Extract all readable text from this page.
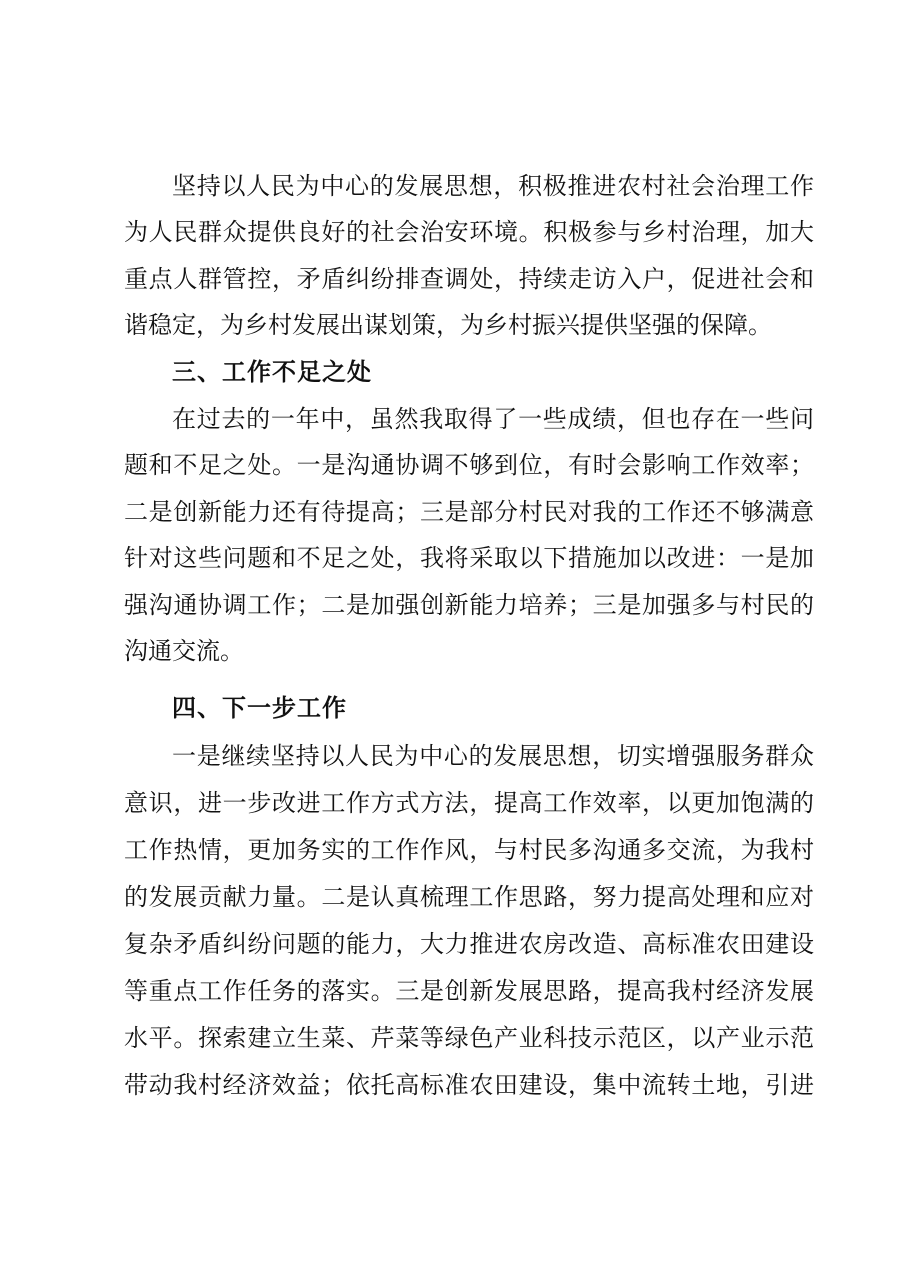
坚持以人民为中心的发展思想，积极推进农村社会治理工作
为人民群众提供良好的社会治安环境。积极参与乡村治理，加大
重点人群管控，矛盾纠纷排查调处，持续走访入户，促进社会和
谐稳定，为乡村发展出谋划策，为乡村振兴提供坚强的保障。
三、工作不足之处
在过去的一年中，虽然我取得了一些成绩，但也存在一些问
题和不足之处。一是沟通协调不够到位，有时会影响工作效率；
二是创新能力还有待提高；三是部分村民对我的工作还不够满意
针对这些问题和不足之处，我将采取以下措施加以改进：一是加
强沟通协调工作；二是加强创新能力培养；三是加强多与村民的
沟通交流。
四、下一步工作
一是继续坚持以人民为中心的发展思想，切实增强服务群众
意识，进一步改进工作方式方法，提高工作效率，以更加饱满的
工作热情，更加务实的工作作风，与村民多沟通多交流，为我村
的发展贡献力量。二是认真梳理工作思路，努力提高处理和应对
复杂矛盾纠纷问题的能力，大力推进农房改造、高标准农田建设
等重点工作任务的落实。三是创新发展思路，提高我村经济发展
水平。探索建立生菜、芹菜等绿色产业科技示范区，以产业示范
带动我村经济效益；依托高标准农田建设，集中流转土地，引进
